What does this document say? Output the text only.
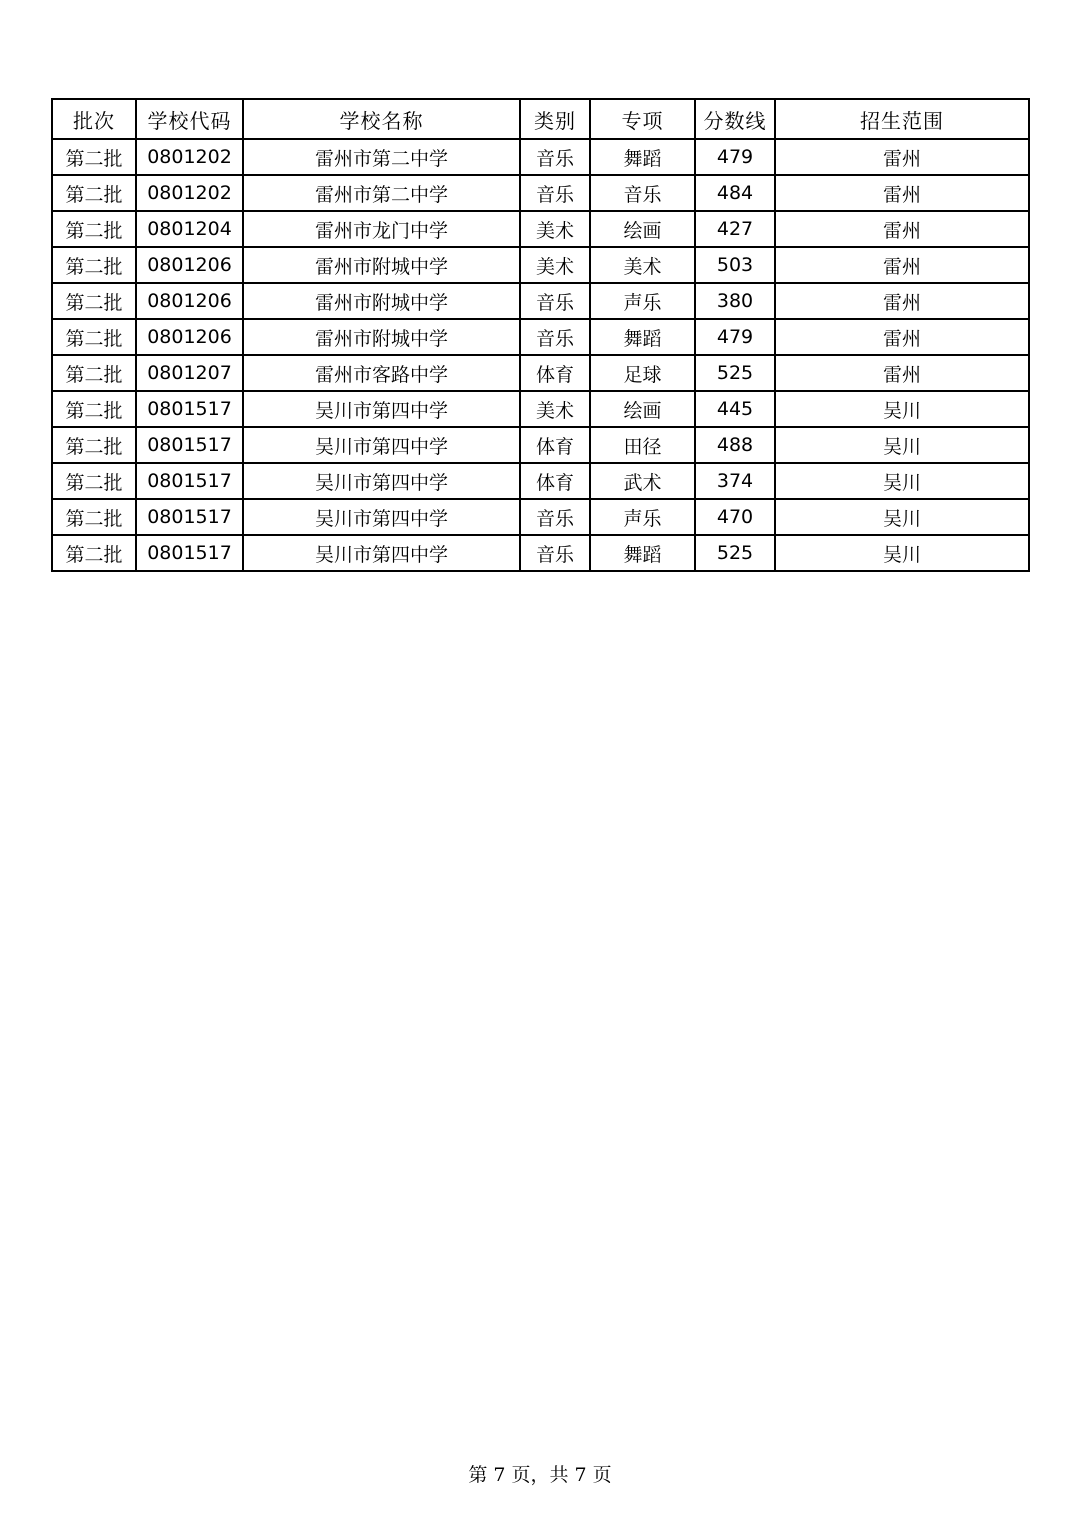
批次	学校代码	学校名称	类别	专项	分数线	招生范围
第二批	0801202	雷州市第二中学	音乐	舞蹈	479	雷州
第二批	0801202	雷州市第二中学	音乐	音乐	484	雷州
第二批	0801204	雷州市龙门中学	美术	绘画	427	雷州
第二批	0801206	雷州市附城中学	美术	美术	503	雷州
第二批	0801206	雷州市附城中学	音乐	声乐	380	雷州
第二批	0801206	雷州市附城中学	音乐	舞蹈	479	雷州
第二批	0801207	雷州市客路中学	体育	足球	525	雷州
第二批	0801517	吴川市第四中学	美术	绘画	445	吴川
第二批	0801517	吴川市第四中学	体育	田径	488	吴川
第二批	0801517	吴川市第四中学	体育	武术	374	吴川
第二批	0801517	吴川市第四中学	音乐	声乐	470	吴川
第二批	0801517	吴川市第四中学	音乐	舞蹈	525	吴川
第 7 页，共 7 页
